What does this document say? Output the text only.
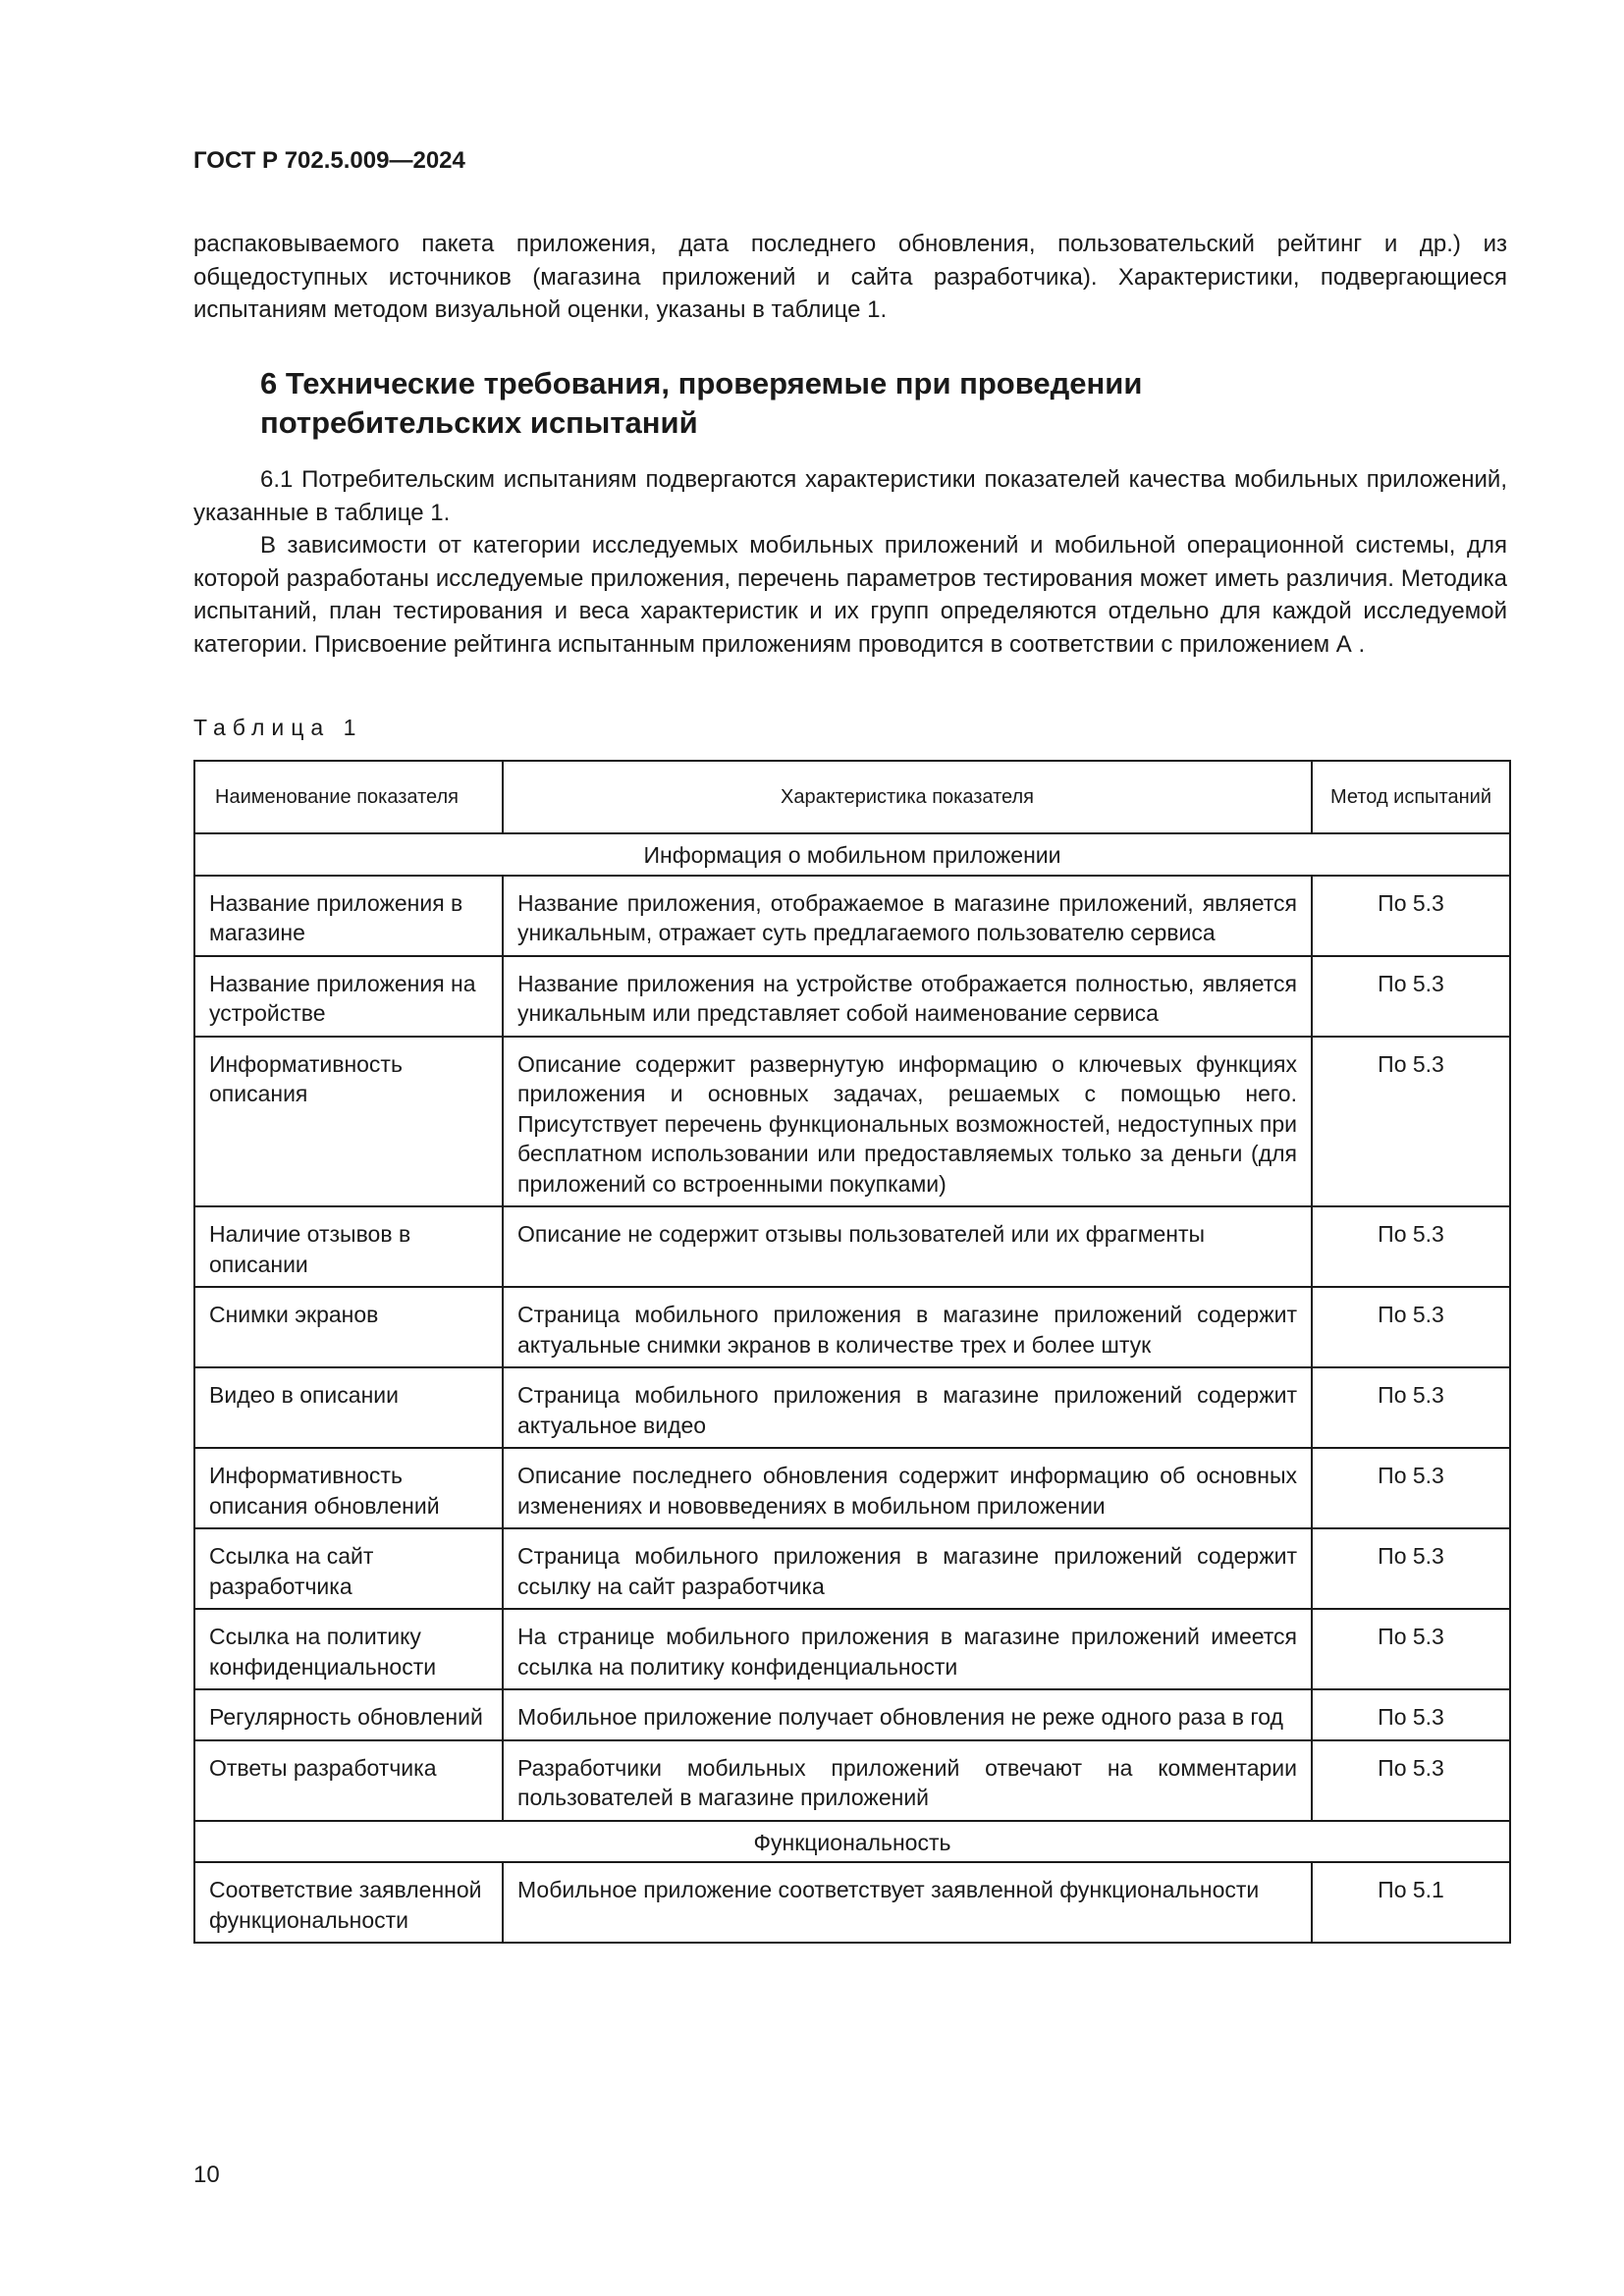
ГОСТ Р 702.5.009—2024

распаковываемого пакета приложения, дата последнего обновления, пользовательский рейтинг и др.) из общедоступных источников (магазина приложений и сайта разработчика). Характеристики, подвергающиеся испытаниям методом визуальной оценки, указаны в таблице 1.

6 Технические требования, проверяемые при проведении
потребительских испытаний

6.1 Потребительским испытаниям подвергаются характеристики показателей качества мобильных приложений, указанные в таблице 1.

В зависимости от категории исследуемых мобильных приложений и мобильной операционной системы, для которой разработаны исследуемые приложения, перечень параметров тестирования может иметь различия. Методика испытаний, план тестирования и веса характеристик и их групп определяются отдельно для каждой исследуемой категории. Присвоение рейтинга испытанным приложениям проводится в соответствии с приложением А .

Таблица 1
Наименование показателя	Характеристика показателя	Метод испытаний
Информация о мобильном приложении		
Название приложения в магазине	Название приложения, отображаемое в магазине приложений, является уникальным, отражает суть предлагаемого пользователю сервиса	По 5.3
Название приложения на устройстве	Название приложения на устройстве отображается полностью, является уникальным или представляет собой наименование сервиса	По 5.3
Информативность описания	Описание содержит развернутую информацию о ключевых функциях приложения и основных задачах, решаемых с помощью него. Присутствует перечень функциональных возможностей, недоступных при бесплатном использовании или предоставляемых только за деньги (для приложений со встроенными покупками)	По 5.3
Наличие отзывов в описании	Описание не содержит отзывы пользователей или их фрагменты	По 5.3
Снимки экранов	Страница мобильного приложения в магазине приложений содержит актуальные снимки экранов в количестве трех и более штук	По 5.3
Видео в описании	Страница мобильного приложения в магазине приложений содержит актуальное видео	По 5.3
Информативность описания обновлений	Описание последнего обновления содержит информацию об основных изменениях и нововведениях в мобильном приложении	По 5.3
Ссылка на сайт разработчика	Страница мобильного приложения в магазине приложений содержит ссылку на сайт разработчика	По 5.3
Ссылка на политику конфиденциальности	На странице мобильного приложения в магазине приложений имеется ссылка на политику конфиденциальности	По 5.3
Регулярность обновлений	Мобильное приложение получает обновления не реже одного раза в год	По 5.3
Ответы разработчика	Разработчики мобильных приложений отвечают на комментарии пользователей в магазине приложений	По 5.3
Функциональность		
Соответствие заявленной функциональности	Мобильное приложение соответствует заявленной функциональности	По 5.1
10
